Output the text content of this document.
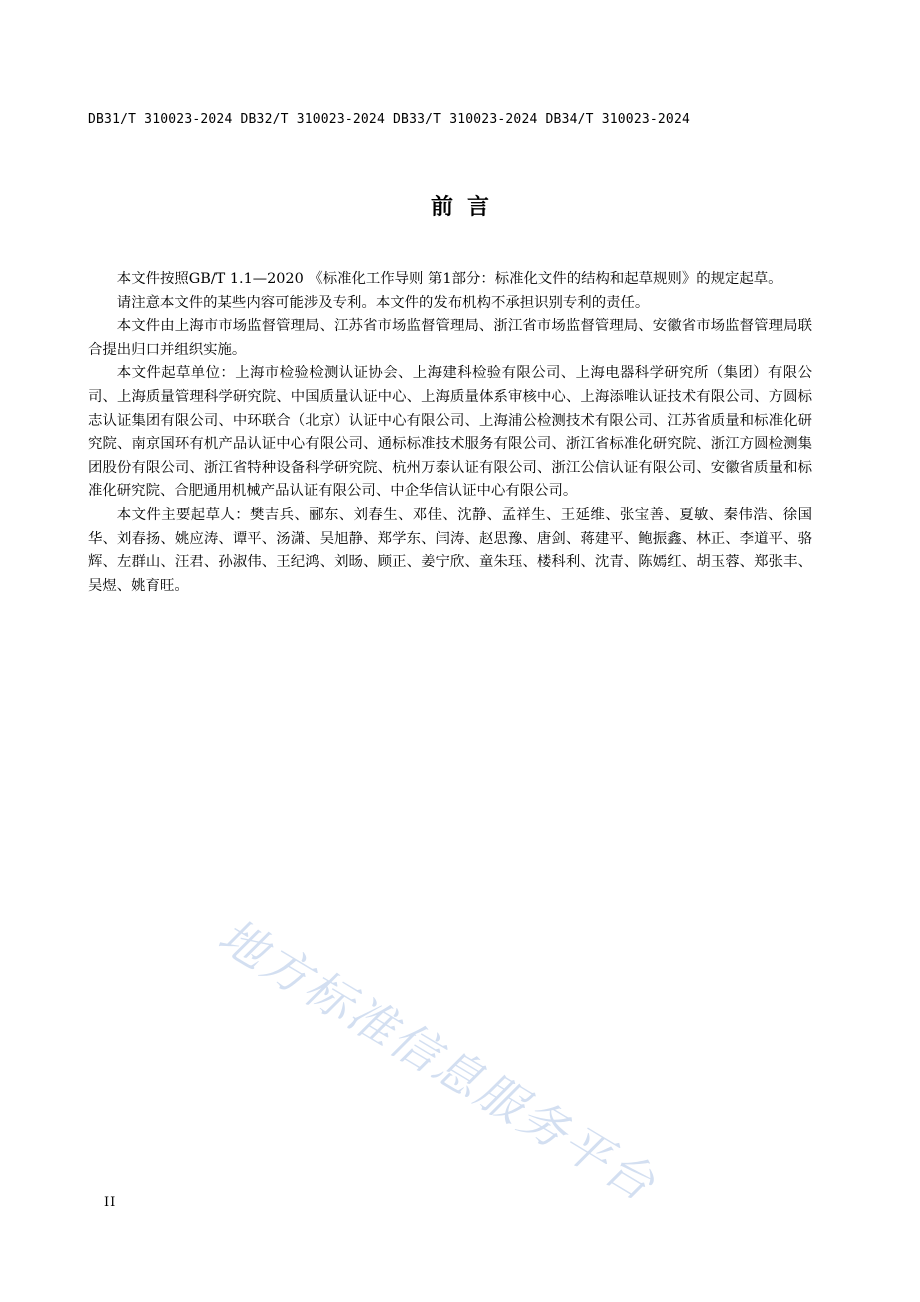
DB31/T 310023-2024 DB32/T 310023-2024 DB33/T 310023-2024 DB34/T 310023-2024
前言

本文件按照GB/T 1.1—2020 《标准化工作导则 第1部分：标准化文件的结构和起草规则》的规定起草。

请注意本文件的某些内容可能涉及专利。本文件的发布机构不承担识别专利的责任。

本文件由上海市市场监督管理局、江苏省市场监督管理局、浙江省市场监督管理局、安徽省市场监督管理局联合提出归口并组织实施。

本文件起草单位：上海市检验检测认证协会、上海建科检验有限公司、上海电器科学研究所（集团）有限公司、上海质量管理科学研究院、中国质量认证中心、上海质量体系审核中心、上海添唯认证技术有限公司、方圆标志认证集团有限公司、中环联合（北京）认证中心有限公司、上海浦公检测技术有限公司、江苏省质量和标准化研究院、南京国环有机产品认证中心有限公司、通标标准技术服务有限公司、浙江省标准化研究院、浙江方圆检测集团股份有限公司、浙江省特种设备科学研究院、杭州万泰认证有限公司、浙江公信认证有限公司、安徽省质量和标准化研究院、合肥通用机械产品认证有限公司、中企华信认证中心有限公司。

本文件主要起草人：樊吉兵、郦东、刘春生、邓佳、沈静、孟祥生、王延维、张宝善、夏敏、秦伟浩、徐国华、刘春扬、姚应涛、谭平、汤潇、吴旭静、郑学东、闫涛、赵思豫、唐剑、蒋建平、鲍振鑫、林正、李道平、骆辉、左群山、汪君、孙淑伟、王纪鸿、刘旸、顾正、姜宁欣、童朱珏、楼科利、沈青、陈嫣红、胡玉蓉、郑张丰、吴煜、姚育旺。

地方标准信息服务平台
II
